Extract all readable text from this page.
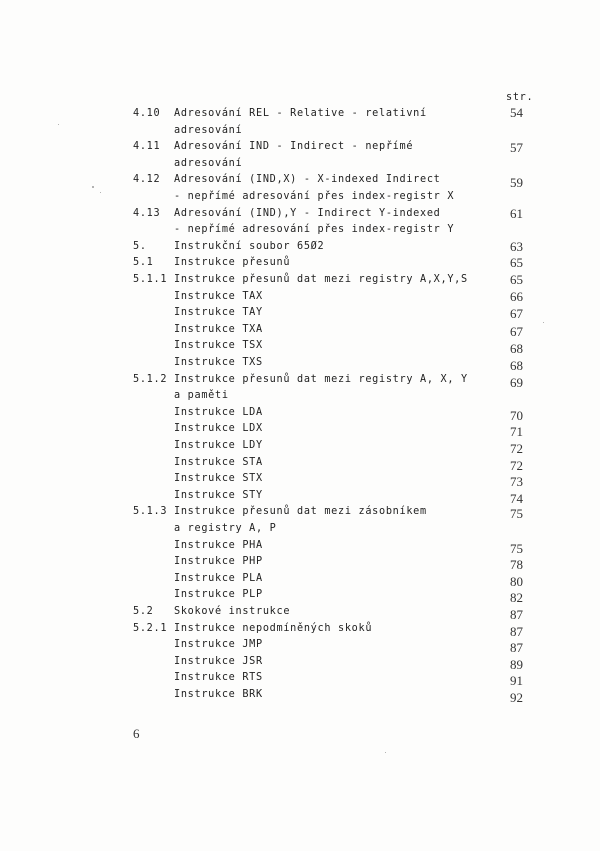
str.
4.10 Adresování REL - Relative - relativní	54
adresování
4.11 Adresování IND - Indirect - nepřímé	57
adresování
4.12 Adresování (IND,X) - X-indexed Indirect	59
- nepřímé adresování přes index-registr X
4.13 Adresování (IND),Y - Indirect Y-indexed	61
- nepřímé adresování přes index-registr Y
5.	Instrukční soubor 65Ø2	63
5.1 Instrukce přesunů	65
5.1.1 Instrukce přesunů dat mezi registry A,X,Y,S	65
Instrukce TAX	66
Instrukce TAY	67
Instrukce TXA	67
Instrukce TSX	68
Instrukce TXS	68
5.1.2 Instrukce přesunů dat mezi registry A, X, Y	69
a paměti
Instrukce LDA	70
Instrukce LDX	71
Instrukce LDY	72
Instrukce STA	72
Instrukce STX	73
Instrukce STY	74
5.1.3 Instrukce přesunů dat mezi zásobníkem	75
a registry A, P
Instrukce PHA	75
Instrukce PHP	78
Instrukce PLA	80
Instrukce PLP	82
5.2 Skokové instrukce	87
5.2.1 Instrukce nepodmíněných skoků	87
Instrukce JMP	87
Instrukce JSR	89
Instrukce RTS	91
Instrukce BRK	92
6
